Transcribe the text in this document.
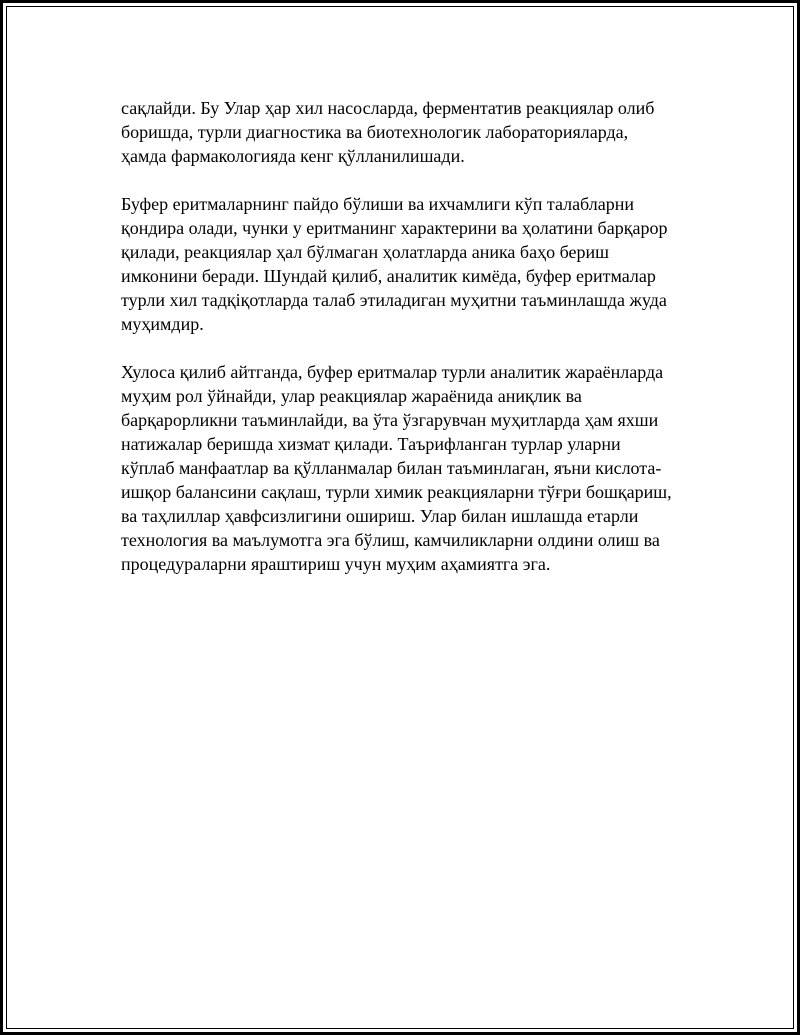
сақлайди. Бу Улар ҳар хил насосларда, ферментатив реакциялар олиб
боришда, турли диагностика ва биотехнологик лабораторияларда,
ҳамда фармакологияда кенг қўлланилишади.

Буфер еритмаларнинг пайдо бўлиши ва ихчамлиги кўп талабларни
қондира олади, чунки у еритманинг характерини ва ҳолатини барқарор
қилади, реакциялар ҳал бўлмаган ҳолатларда аника баҳо бериш
имконини беради. Шундай қилиб, аналитик кимёда, буфер еритмалар
турли хил тадқіқотларда талаб этиладиган муҳитни таъминлашда жуда
муҳимдир.

Хулоса қилиб айтганда, буфер еритмалар турли аналитик жараёнларда
муҳим рол ўйнайди, улар реакциялар жараёнида аниқлик ва
барқарорликни таъминлайди, ва ўта ўзгарувчан муҳитларда ҳам яхши
натижалар беришда хизмат қилади. Таърифланган турлар уларни
кўплаб манфаатлар ва қўлланмалар билан таъминлаган, яъни кислота-
ишқор балансини сақлаш, турли химик реакцияларни тўғри бошқариш,
ва таҳлиллар ҳавфсизлигини ошириш. Улар билан ишлашда етарли
технология ва маълумотга эга бўлиш, камчиликларни олдини олиш ва
процедураларни яраштириш учун муҳим аҳамиятга эга.
